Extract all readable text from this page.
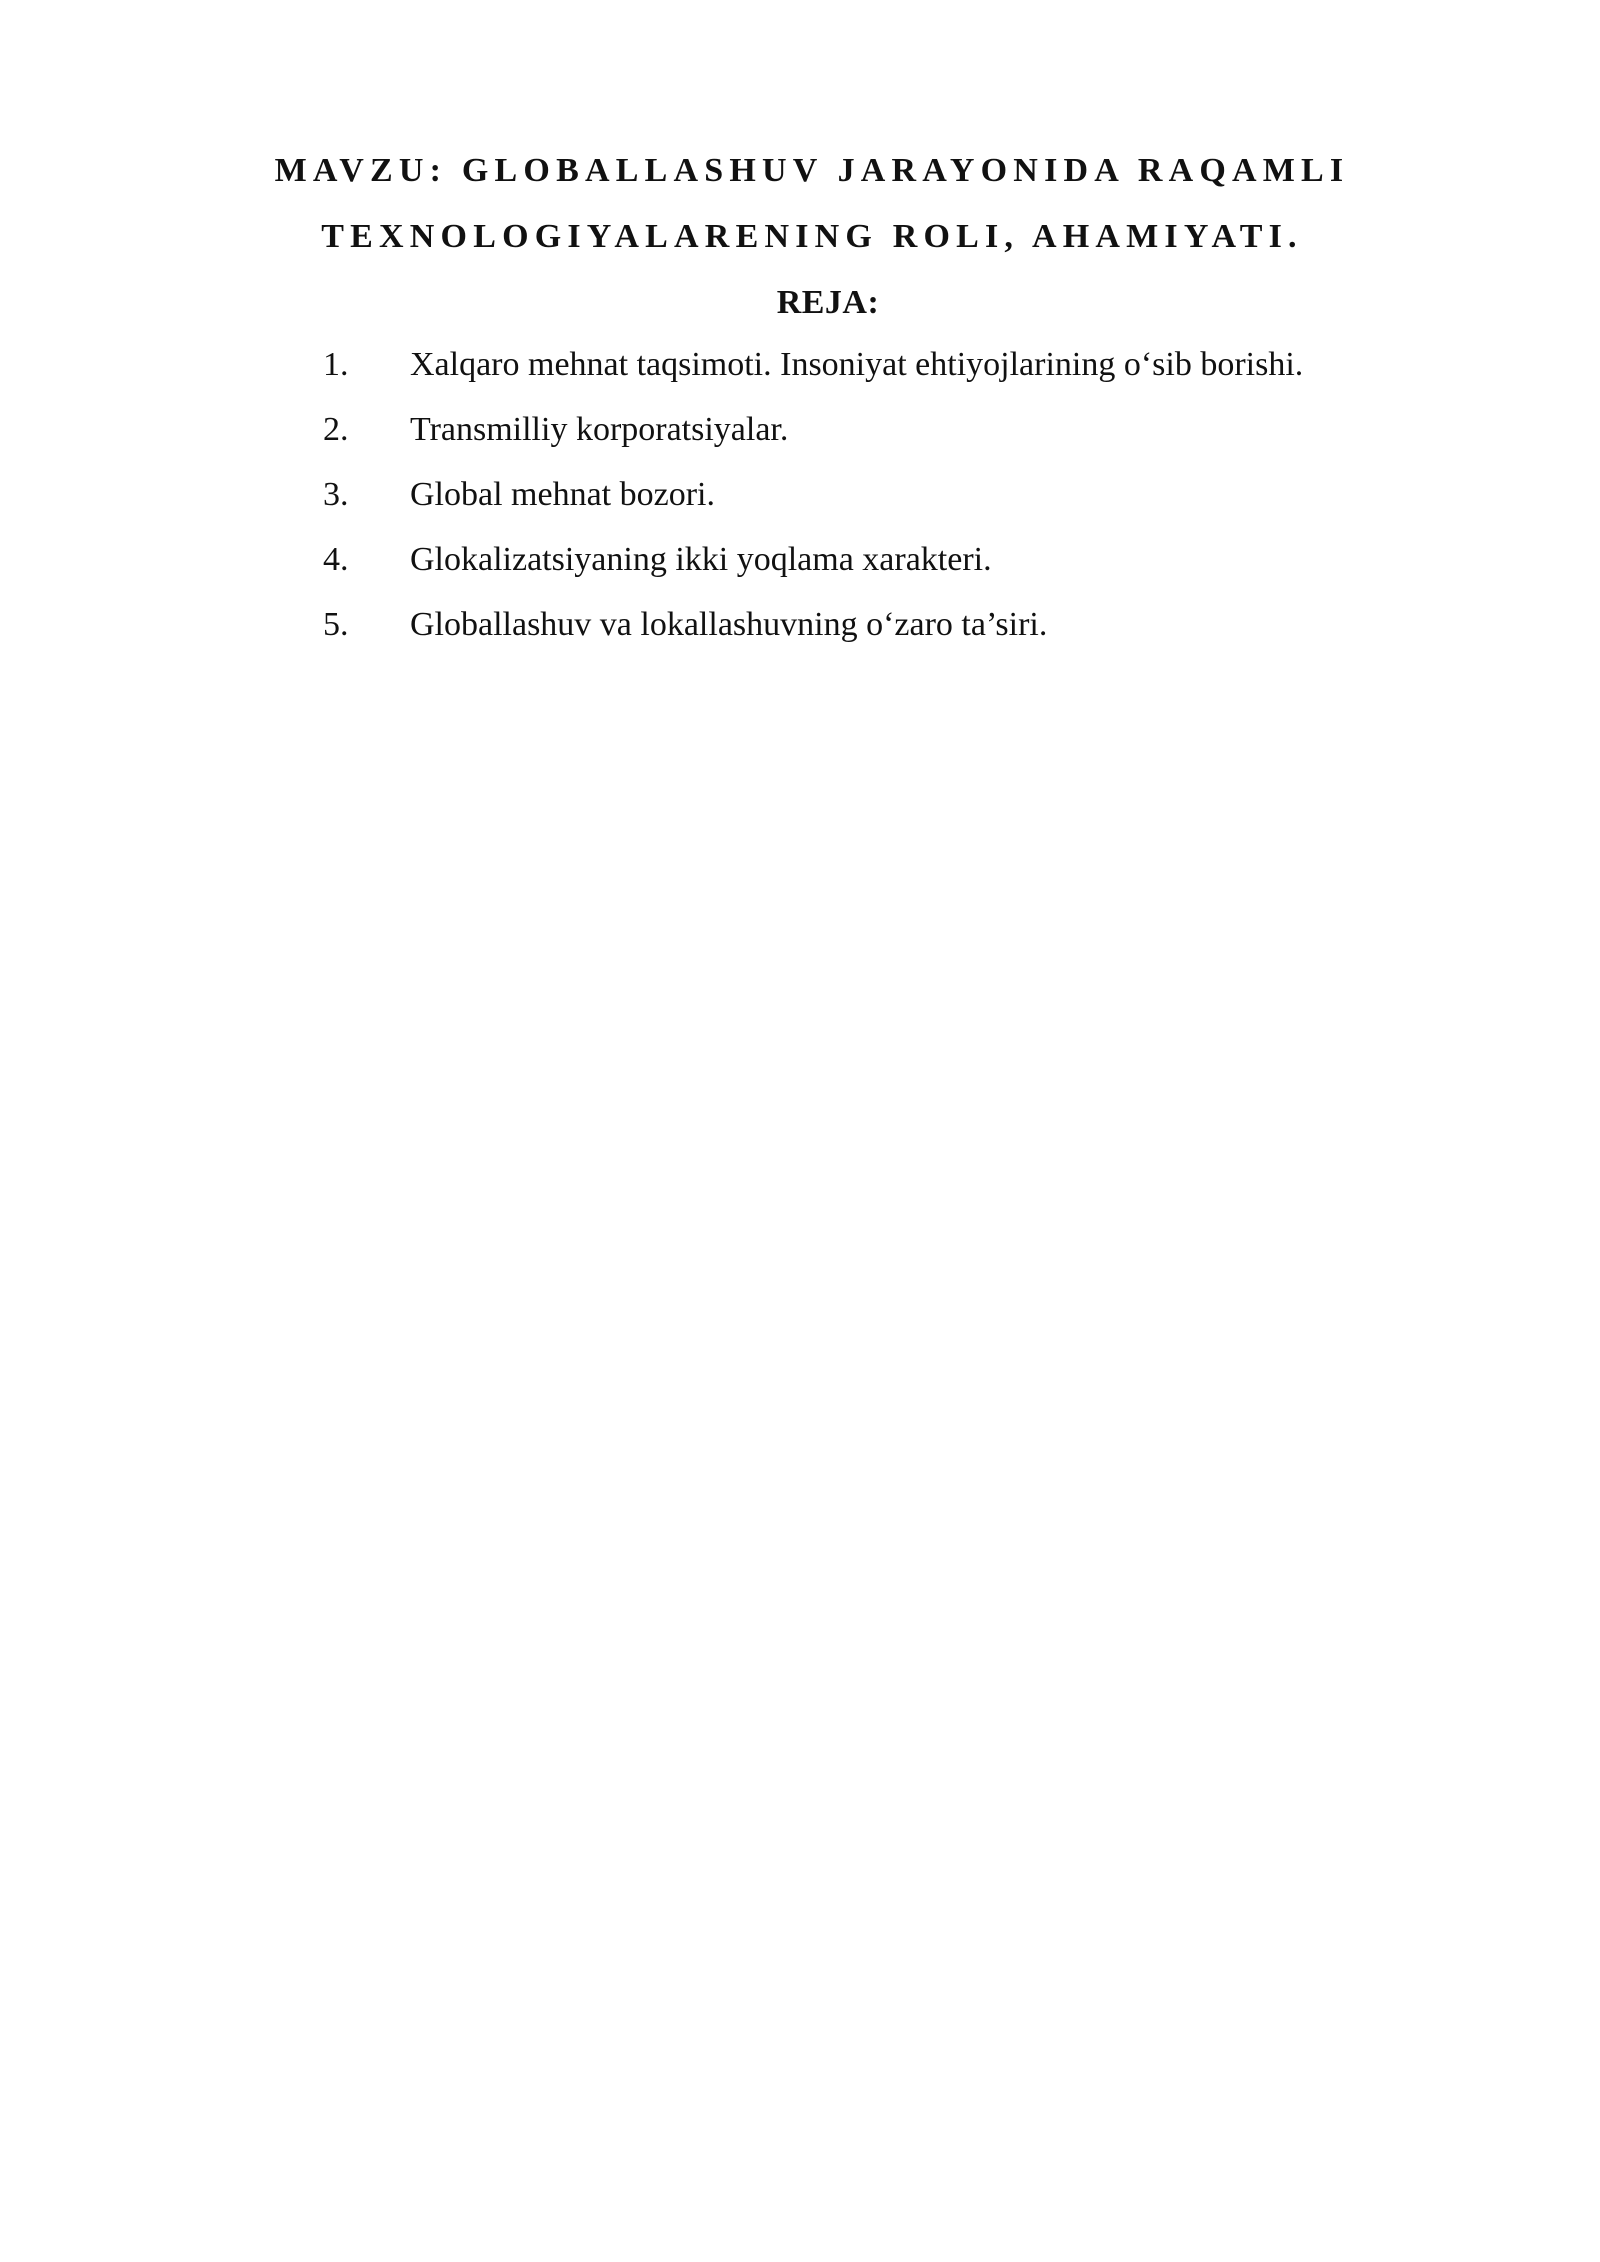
MAVZU: GLOBALLASHUV JARAYONIDA RAQAMLI
TEXNOLOGIYALARENING ROLI, AHAMIYATI.
REJA:
1. Xalqaro mehnat taqsimoti. Insoniyat ehtiyojlarining o‘sib borishi.
2. Transmilliy korporatsiyalar.
3. Global mehnat bozori.
4. Glokalizatsiyaning ikki yoqlama xarakteri.
5. Globallashuv va lokallashuvning o‘zaro ta’siri.
